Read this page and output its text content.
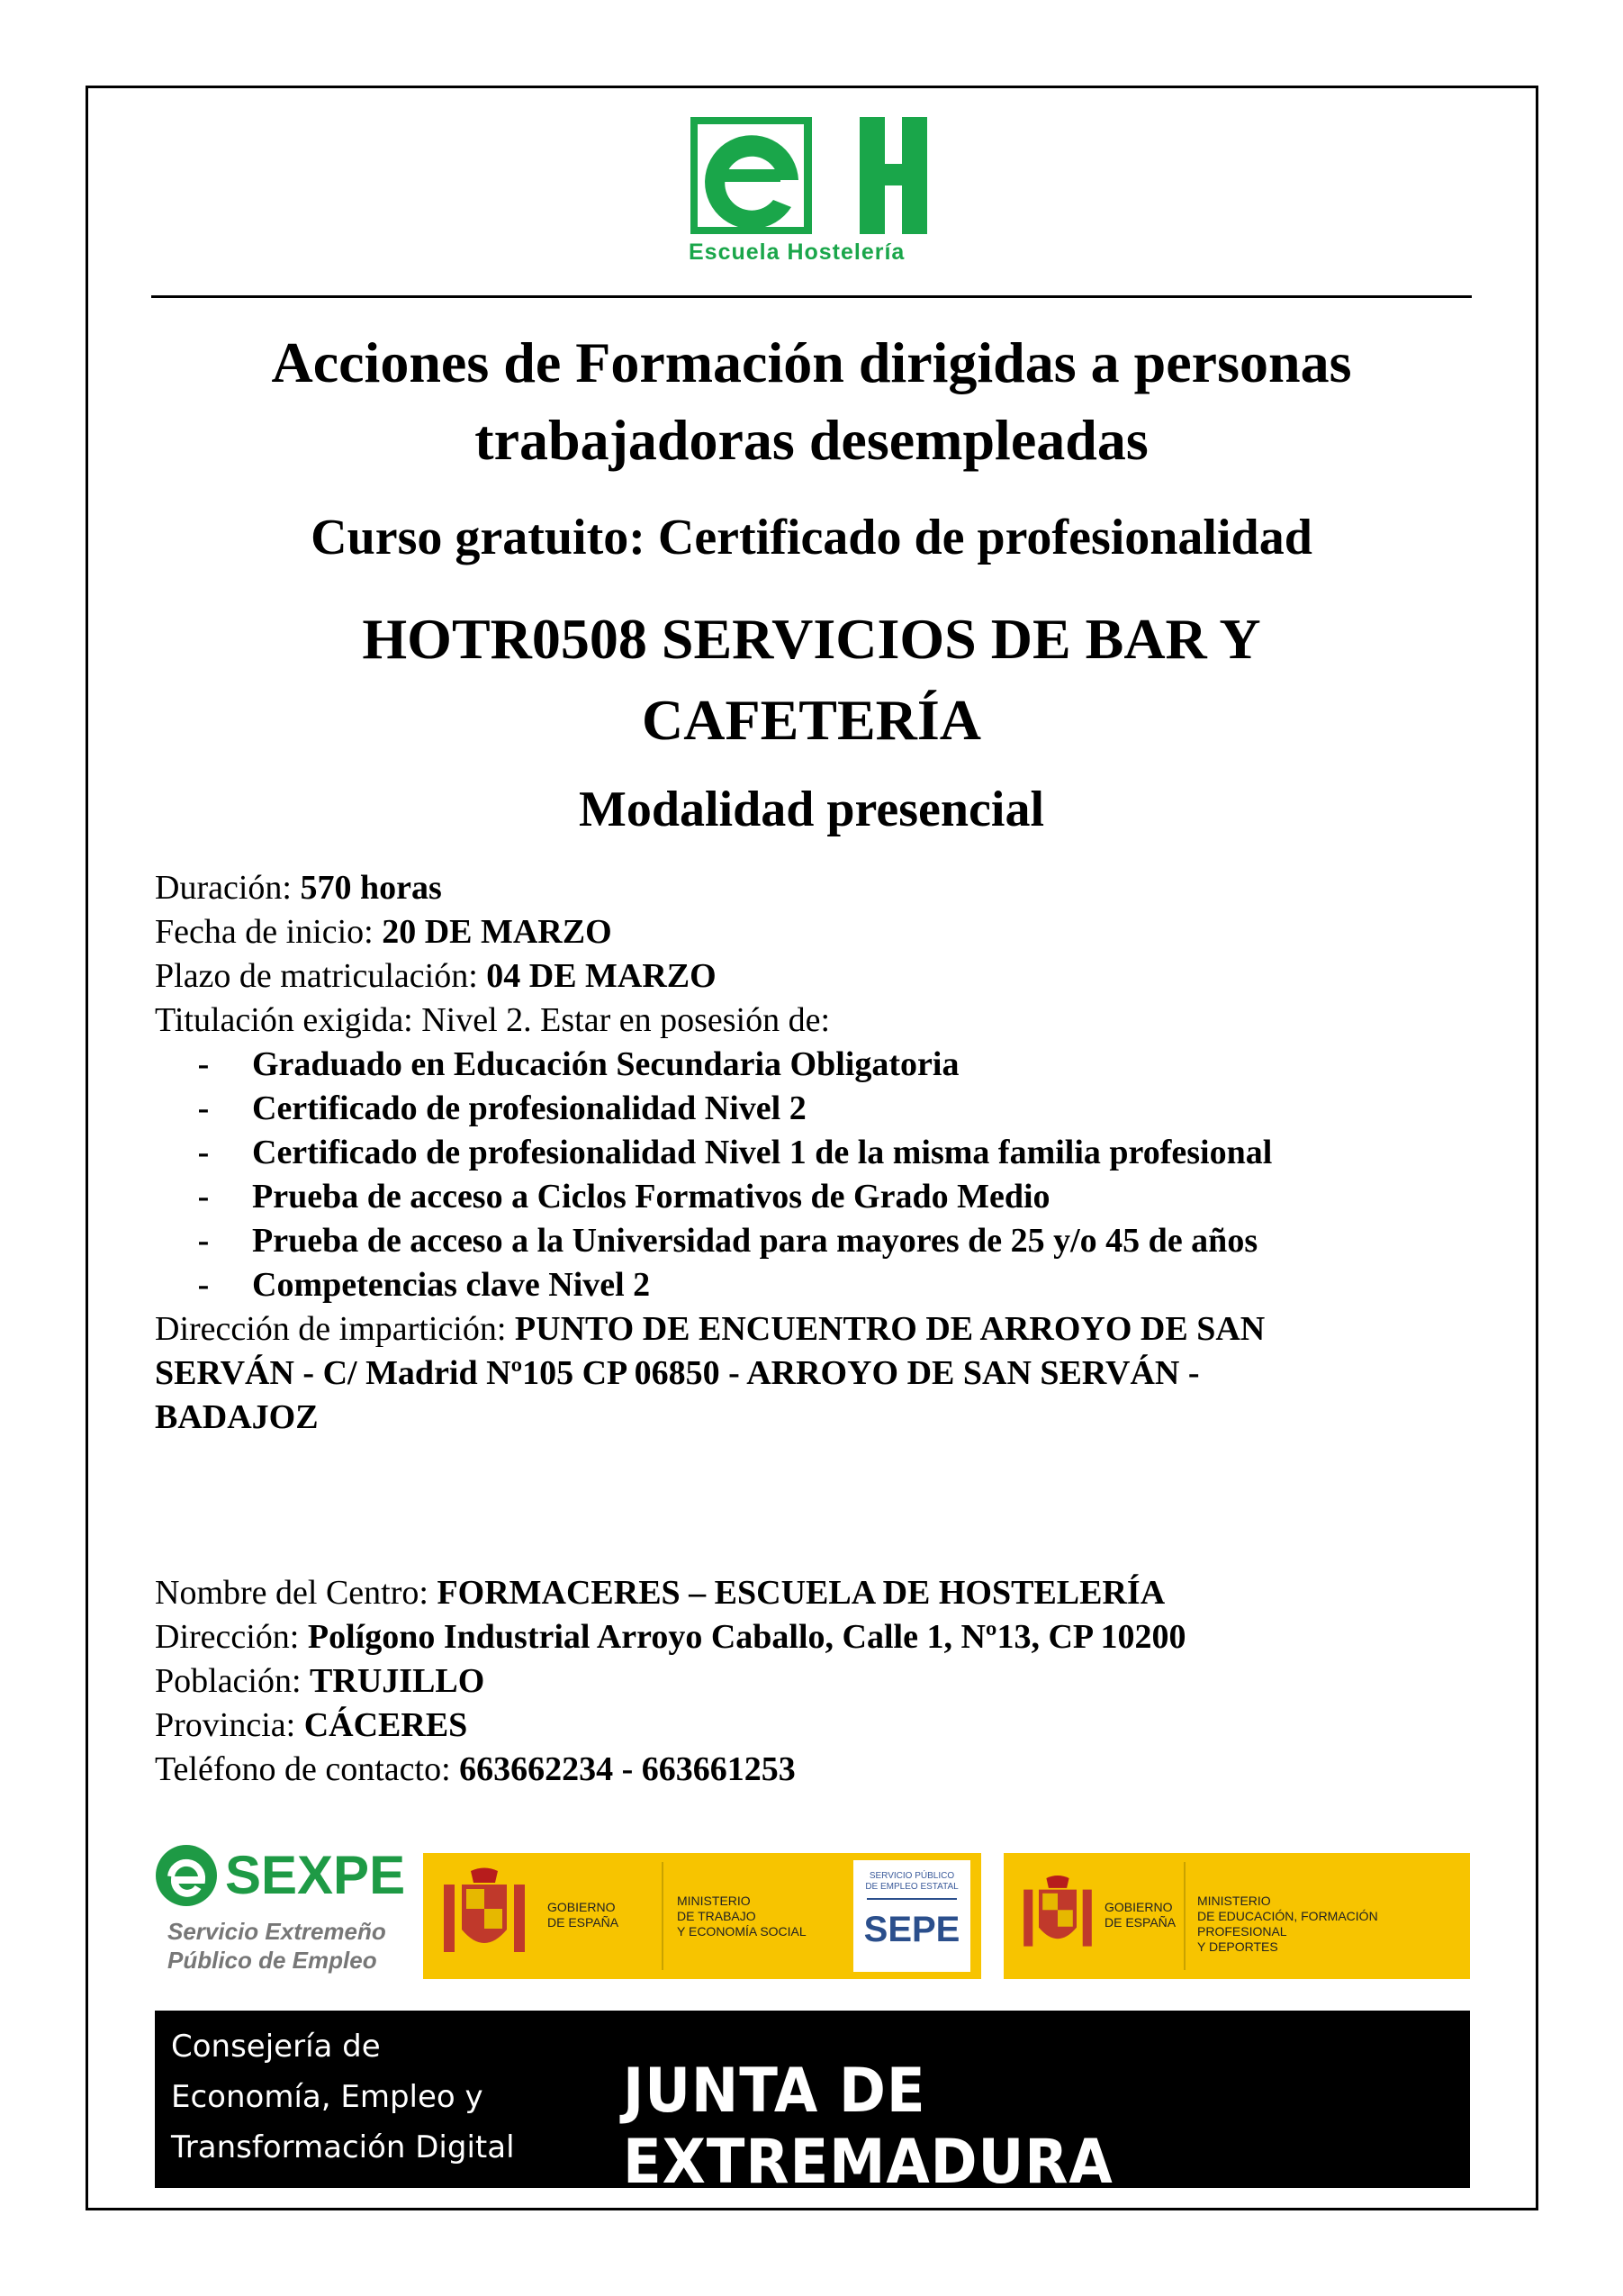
Escuela Hostelería
Acciones de Formación dirigidas a personas
trabajadoras desempleadas
Curso gratuito: Certificado de profesionalidad
HOTR0508 SERVICIOS DE BAR Y
CAFETERÍA
Modalidad presencial
Duración: 570 horas
Fecha de inicio: 20 DE MARZO
Plazo de matriculación: 04 DE MARZO
Titulación exigida: Nivel 2. Estar en posesión de:
-	Graduado en Educación Secundaria Obligatoria
-	Certificado de profesionalidad Nivel 2
-	Certificado de profesionalidad Nivel 1 de la misma familia profesional
-	Prueba de acceso a Ciclos Formativos de Grado Medio
-	Prueba de acceso a la Universidad para mayores de 25 y/o 45 de años
-	Competencias clave Nivel 2
Dirección de impartición: PUNTO DE ENCUENTRO DE ARROYO DE SAN
SERVÁN - C/ Madrid Nº105 CP 06850 - ARROYO DE SAN SERVÁN -
BADAJOZ
Nombre del Centro: FORMACERES – ESCUELA DE HOSTELERÍA
Dirección: Polígono Industrial Arroyo Caballo, Calle 1, Nº13, CP 10200
Población: TRUJILLO
Provincia: CÁCERES
Teléfono de contacto: 663662234 - 663661253
SEXPE
Servicio Extremeño
Público de Empleo
GOBIERNO
DE ESPAÑA
MINISTERIO
DE TRABAJO
Y ECONOMÍA SOCIAL
SERVICIO PÚBLICO
DE EMPLEO ESTATAL
SEPE
GOBIERNO
DE ESPAÑA
MINISTERIO
DE EDUCACIÓN, FORMACIÓN PROFESIONAL
Y DEPORTES
Consejería de
Economía, Empleo y
Transformación Digital
JUNTA DE EXTREMADURA
